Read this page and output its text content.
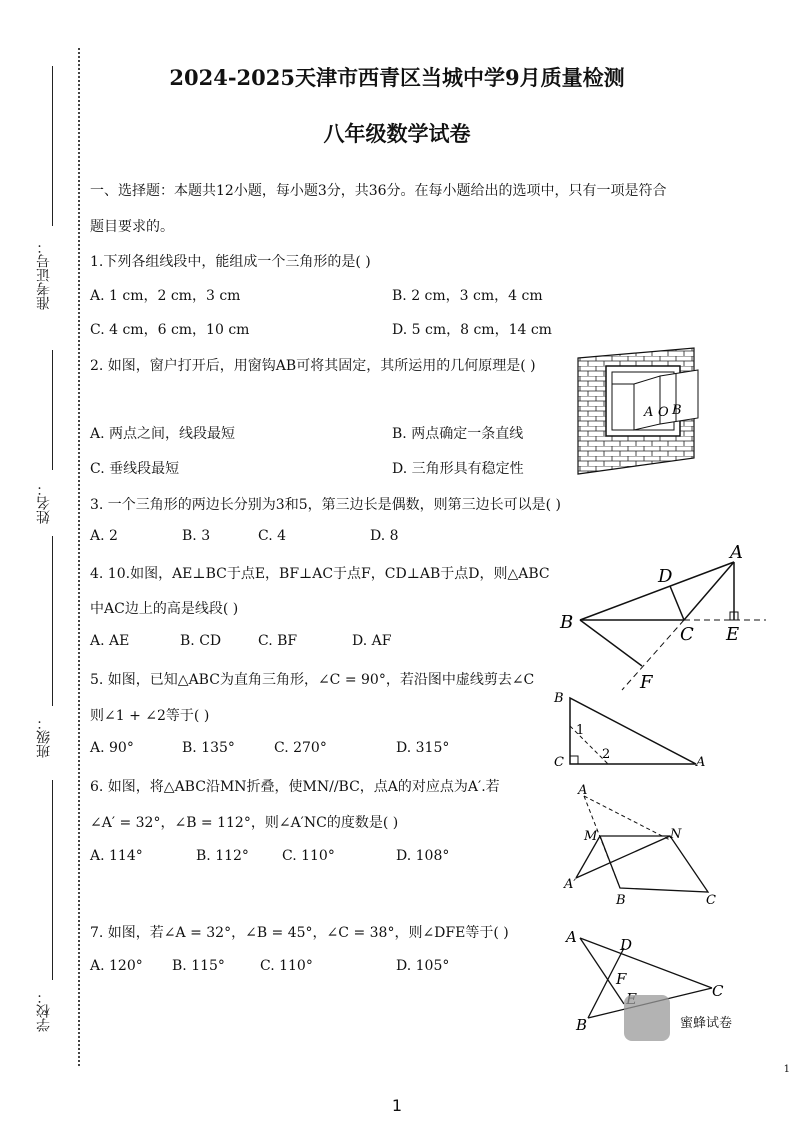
准考证号：
姓名：
班级：
学校：
2024-2025天津市西青区当城中学9月质量检测
八年级数学试卷
一、选择题：本题共12小题，每小题3分，共36分。在每小题给出的选项中，只有一项是符合
题目要求的。
1.下列各组线段中，能组成一个三角形的是( )
A. 1 cm，2 cm，3 cm	B. 2 cm，3 cm，4 cm
C. 4 cm，6 cm，10 cm	D. 5 cm，8 cm，14 cm
2. 如图，窗户打开后，用窗钩AB可将其固定，其所运用的几何原理是( )
A. 两点之间，线段最短	B. 两点确定一条直线
C. 垂线段最短	D. 三角形具有稳定性
3. 一个三角形的两边长分别为3和5，第三边长是偶数，则第三边长可以是( )
A. 2	B. 3	C. 4	D. 8
4. 10.如图，AE⊥BC于点E，BF⊥AC于点F，CD⊥AB于点D，则△ABC
中AC边上的高是线段( )
A. AE	B. CD	C. BF	D. AF
5. 如图，已知△ABC为直角三角形，∠C = 90°，若沿图中虚线剪去∠C
则∠1 + ∠2等于( )
A. 90°	B. 135°	C. 270°	D. 315°
6. 如图，将△ABC沿MN折叠，使MN//BC，点A的对应点为A′.若
∠A′ = 32°，∠B = 112°，则∠A′NC的度数是( )
A. 114°	B. 112° C. 110°	D. 108°
7. 如图，若∠A = 32°，∠B = 45°，∠C = 38°，则∠DFE等于( )
A. 120° B. 115°	C. 110°	D. 105°
A O B
A
B
C
D
E
F
B
C	A
1
2
A
M	N
A′
B	C
A	D
F
C
B	蜜蜂试卷
1
1
